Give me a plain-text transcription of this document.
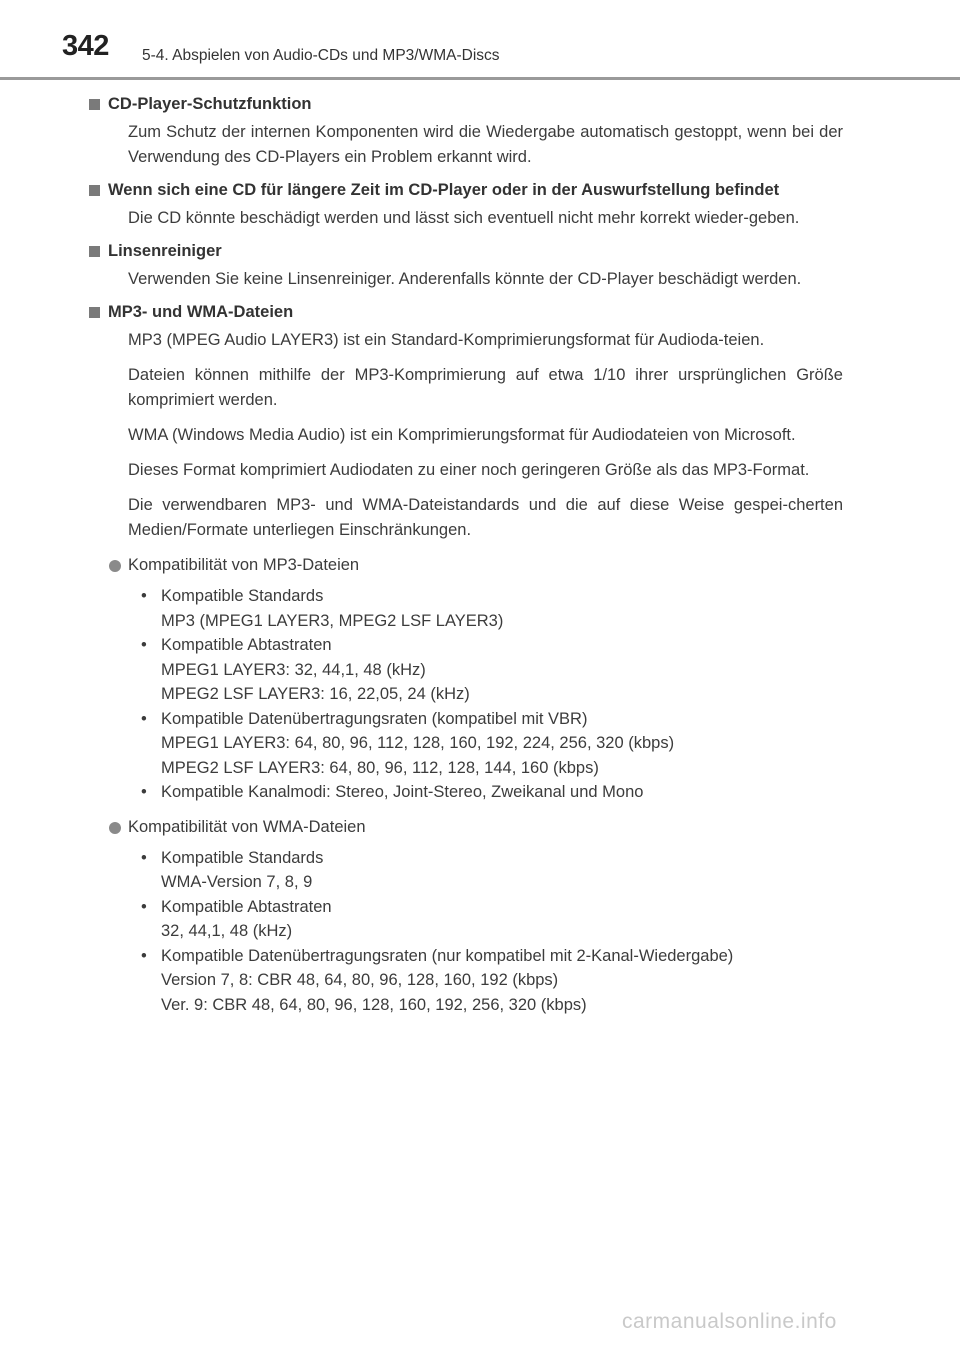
342 5-4. Abspielen von Audio-CDs und MP3/WMA-Discs
CD-Player-Schutzfunktion
Zum Schutz der internen Komponenten wird die Wiedergabe automatisch gestoppt, wenn bei der Verwendung des CD-Players ein Problem erkannt wird.
Wenn sich eine CD für längere Zeit im CD-Player oder in der Auswurfstellung befindet
Die CD könnte beschädigt werden und lässt sich eventuell nicht mehr korrekt wieder-geben.
Linsenreiniger
Verwenden Sie keine Linsenreiniger. Anderenfalls könnte der CD-Player beschädigt werden.
MP3- und WMA-Dateien
MP3 (MPEG Audio LAYER3) ist ein Standard-Komprimierungsformat für Audioda-teien.
Dateien können mithilfe der MP3-Komprimierung auf etwa 1/10 ihrer ursprünglichen Größe komprimiert werden.
WMA (Windows Media Audio) ist ein Komprimierungsformat für Audiodateien von Microsoft.
Dieses Format komprimiert Audiodaten zu einer noch geringeren Größe als das MP3-Format.
Die verwendbaren MP3- und WMA-Dateistandards und die auf diese Weise gespei-cherten Medien/Formate unterliegen Einschränkungen.
Kompatibilität von MP3-Dateien
• Kompatible Standards
MP3 (MPEG1 LAYER3, MPEG2 LSF LAYER3)
• Kompatible Abtastraten
MPEG1 LAYER3: 32, 44,1, 48 (kHz)
MPEG2 LSF LAYER3: 16, 22,05, 24 (kHz)
• Kompatible Datenübertragungsraten (kompatibel mit VBR)
MPEG1 LAYER3: 64, 80, 96, 112, 128, 160, 192, 224, 256, 320 (kbps)
MPEG2 LSF LAYER3: 64, 80, 96, 112, 128, 144, 160 (kbps)
• Kompatible Kanalmodi: Stereo, Joint-Stereo, Zweikanal und Mono
Kompatibilität von WMA-Dateien
• Kompatible Standards
WMA-Version 7, 8, 9
• Kompatible Abtastraten
32, 44,1, 48 (kHz)
• Kompatible Datenübertragungsraten (nur kompatibel mit 2-Kanal-Wiedergabe)
Version 7, 8: CBR 48, 64, 80, 96, 128, 160, 192 (kbps)
Ver. 9: CBR 48, 64, 80, 96, 128, 160, 192, 256, 320 (kbps)
carmanualsonline.info
